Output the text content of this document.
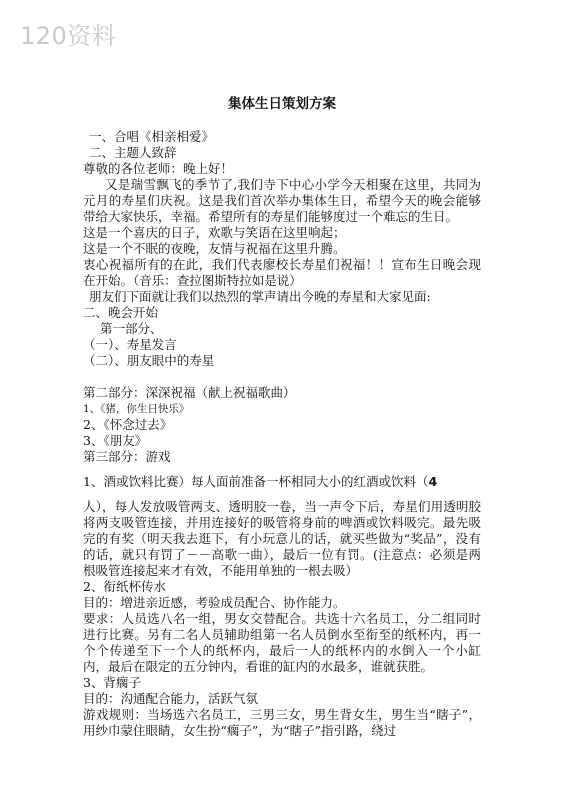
120资料
集体生日策划方案

一、合唱《相亲相爱》

二、主题人致辞

尊敬的各位老师：晚上好！

又是瑞雪飘飞的季节了,我们寺下中心小学今天相聚在这里，共同为元月的寿星们庆祝。这是我们首次举办集体生日，希望今天的晚会能够带给大家快乐，幸福。希望所有的寿星们能够度过一个难忘的生日。

这是一个喜庆的日子，欢歌与笑语在这里响起；

这是一个不眠的夜晚，友情与祝福在这里升腾。

衷心祝福所有的在此，我们代表廖校长寿星们祝福！！宣布生日晚会现在开始。（音乐：查拉图斯特拉如是说）

朋友们下面就让我们以热烈的掌声请出今晚的寿星和大家见面:

二、晚会开始

第一部分、

（一）、寿星发言

（二）、朋友眼中的寿星

第二部分：深深祝福（献上祝福歌曲）

1、《猪，你生日快乐》

2、《怀念过去》

3、《朋友》

第三部分：游戏

1、酒或饮料比赛）每人面前准备一杯相同大小的红酒或饮料（4

人），每人发放吸管两支、透明胶一卷，当一声令下后，寿星们用透明胶将两支吸管连接，并用连接好的吸管将身前的啤酒或饮料吸完。最先吸完的有奖（明天我去逛下，有小玩意儿的话，就买些做为“奖品”，没有的话，就只有罚了－－高歌一曲），最后一位有罚。(注意点：必须是两根吸管连接起来才有效，不能用单独的一根去吸）

2、衔纸杯传水

目的：增进亲近感，考验成员配合、协作能力。

要求：人员选八名一组，男女交替配合。共选十六名员工，分二组同时进行比赛。另有二名人员辅助组第一名人员倒水至衔至的纸杯内，再一个个传递至下一个人的纸杯内，最后一人的纸杯内的水倒入一个小缸内，最后在限定的五分钟内，看谁的缸内的水最多，谁就获胜。

3、背瘸子

目的：沟通配合能力，活跃气氛

游戏规则：当场选六名员工，三男三女，男生背女生，男生当“瞎子”，用纱巾蒙住眼睛，女生扮“瘸子”，为“瞎子”指引路，绕过
